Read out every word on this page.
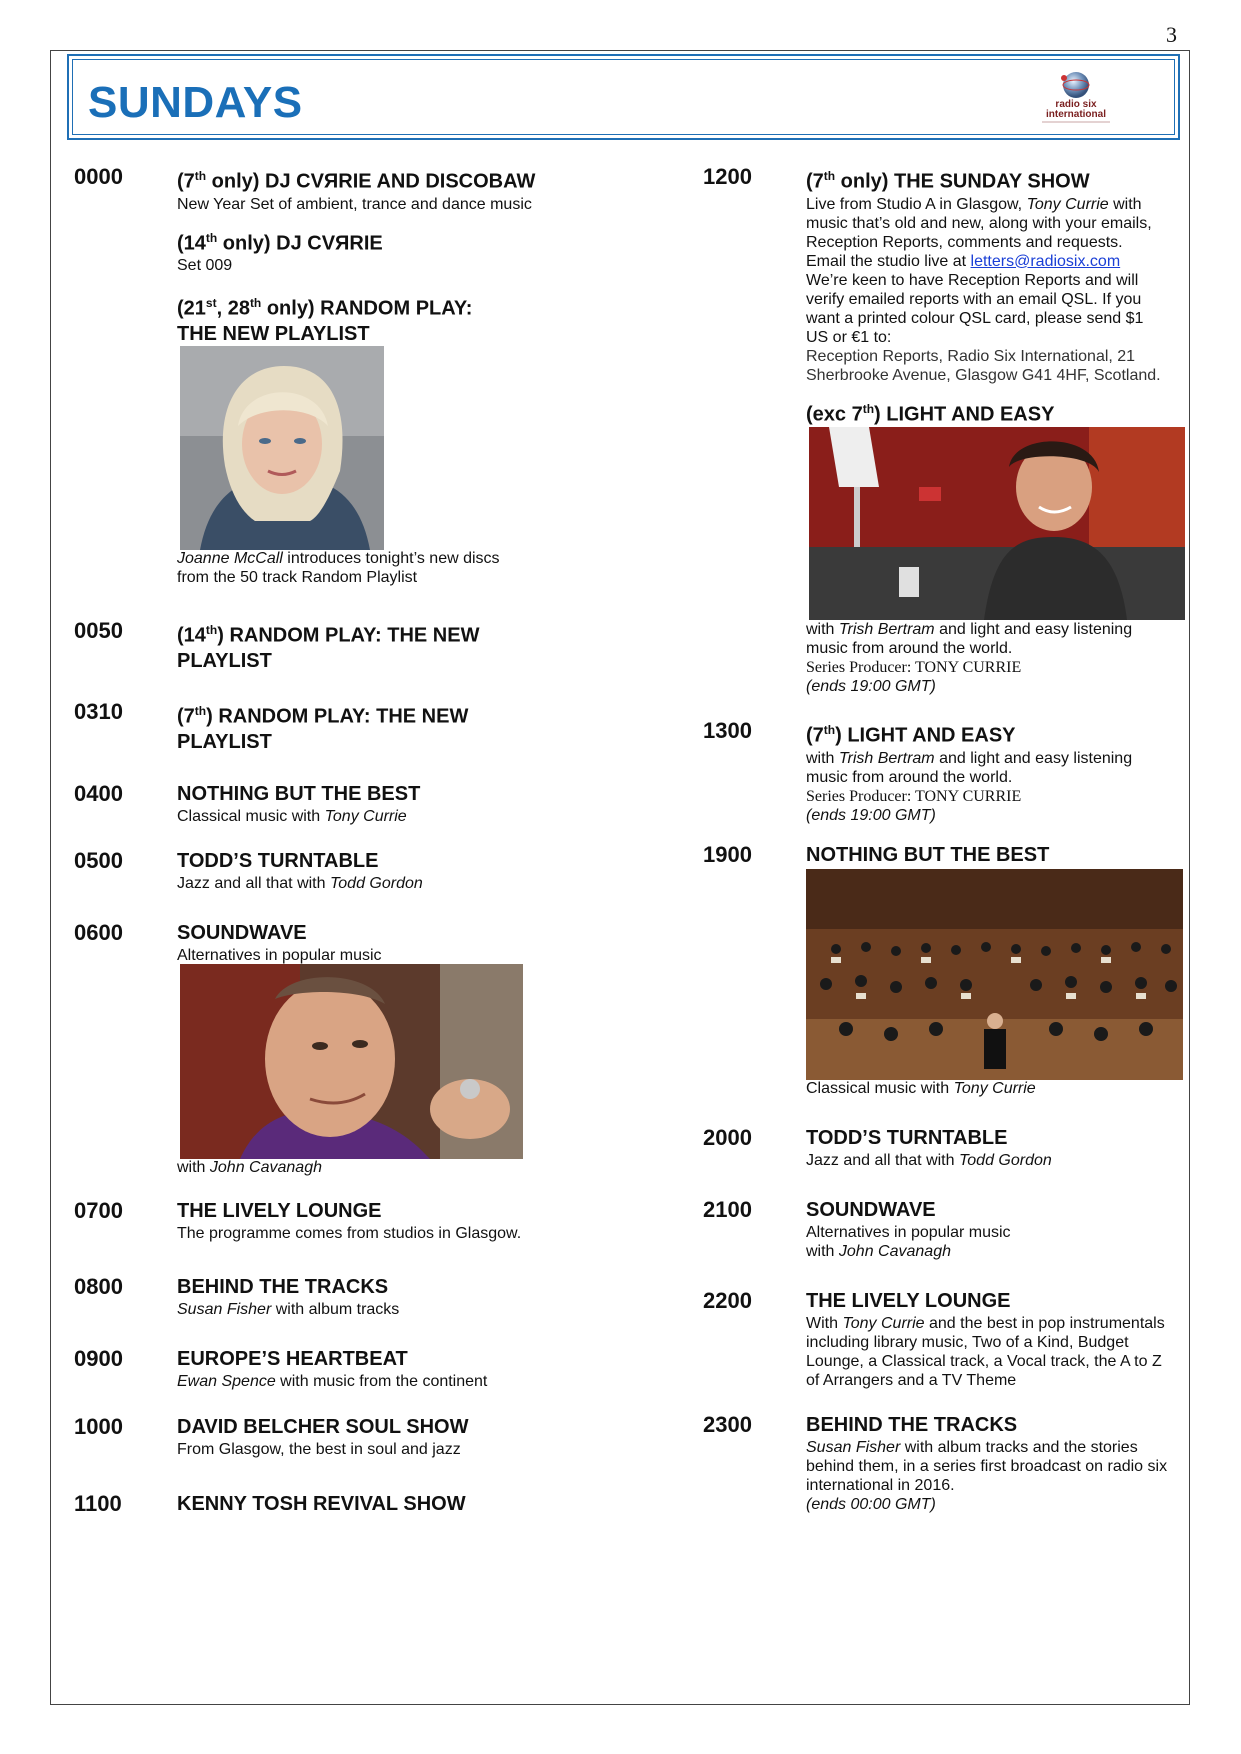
3
SUNDAYS	radio six
international
0000	(7th only) DJ CVЯRIE AND DISCOBAW
New Year Set of ambient, trance and dance music
(14th only) DJ CVЯRIE
Set 009
(21st, 28th only) RANDOM PLAY:
THE NEW PLAYLIST
Joanne McCall introduces tonight’s new discs
from the 50 track Random Playlist
0050	(14th) RANDOM PLAY: THE NEW
PLAYLIST
0310	(7th) RANDOM PLAY: THE NEW
PLAYLIST
0400	NOTHING BUT THE BEST
Classical music with Tony Currie
0500	TODD’S TURNTABLE
Jazz and all that with Todd Gordon
0600	SOUNDWAVE
Alternatives in popular music
with John Cavanagh
0700	THE LIVELY LOUNGE
The programme comes from studios in Glasgow.
0800	BEHIND THE TRACKS
Susan Fisher with album tracks
0900	EUROPE’S HEARTBEAT
Ewan Spence with music from the continent
1000	DAVID BELCHER SOUL SHOW
From Glasgow, the best in soul and jazz
1100	KENNY TOSH REVIVAL SHOW
1200	(7th only) THE SUNDAY SHOW
Live from Studio A in Glasgow, Tony Currie with
music that’s old and new, along with your emails,
Reception Reports, comments and requests.
Email the studio live at letters@radiosix.com
We’re keen to have Reception Reports and will
verify emailed reports with an email QSL. If you
want a printed colour QSL card, please send $1
US or €1 to:
Reception Reports, Radio Six International, 21
Sherbrooke Avenue, Glasgow G41 4HF, Scotland.
(exc 7th) LIGHT AND EASY
with Trish Bertram and light and easy listening
music from around the world.
Series Producer: TONY CURRIE
(ends 19:00 GMT)
1300	(7th) LIGHT AND EASY
with Trish Bertram and light and easy listening
music from around the world.
Series Producer: TONY CURRIE
(ends 19:00 GMT)
1900	NOTHING BUT THE BEST
Classical music with Tony Currie
2000	TODD’S TURNTABLE
Jazz and all that with Todd Gordon
2100	SOUNDWAVE
Alternatives in popular music
with John Cavanagh
2200	THE LIVELY LOUNGE
With Tony Currie and the best in pop instrumentals
including library music, Two of a Kind, Budget
Lounge, a Classical track, a Vocal track, the A to Z
of Arrangers and a TV Theme
2300	BEHIND THE TRACKS
Susan Fisher with album tracks and the stories
behind them, in a series first broadcast on radio six
international in 2016.
(ends 00:00 GMT)
